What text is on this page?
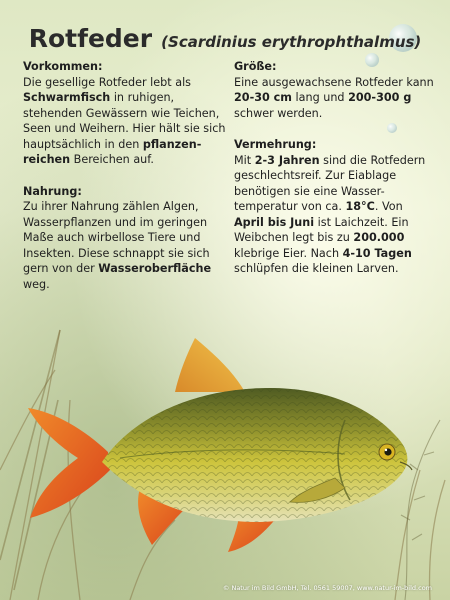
Rotfeder (Scardinius erythrophthalmus)
Vorkommen:
Die gesellige Rotfeder lebt als Schwarmfisch in ruhigen, stehenden Gewässern wie Teichen, Seen und Weihern. Hier hält sie sich hauptsächlich in den pflanzen-reichen Bereichen auf.
Nahrung:
Zu ihrer Nahrung zählen Algen, Wasserpflanzen und im geringen Maße auch wirbellose Tiere und Insekten. Diese schnappt sie sich gern von der Wasseroberfläche weg.
Größe:
Eine ausgewachsene Rotfeder kann 20-30 cm lang und 200-300 g schwer werden.
Vermehrung:
Mit 2-3 Jahren sind die Rotfedern geschlechtsreif. Zur Eiablage benötigen sie eine Wasser-temperatur von ca. 18°C. Von April bis Juni ist Laichzeit. Ein Weibchen legt bis zu 200.000 klebrige Eier. Nach 4-10 Tagen schlüpfen die kleinen Larven.
© Natur im Bild GmbH, Tel. 0561 59007, www.natur-im-bild.com
